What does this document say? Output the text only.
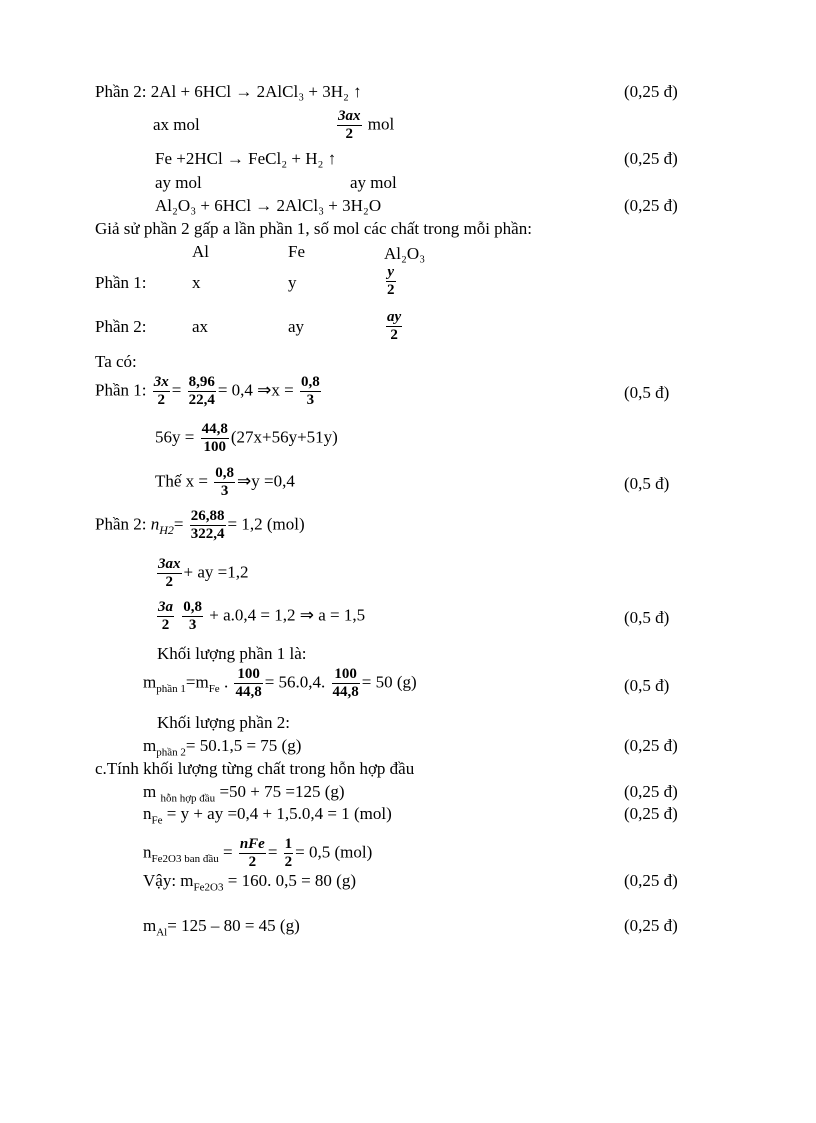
Phần 2: 2Al + 6HCl → 2AlCl₃ + 3H₂ ↑	(0,25 đ)
ax mol	$\frac{3ax}{2}$ mol
Fe +2HCl → FeCl₂ + H₂ ↑	(0,25 đ)
ay mol	ay mol
Al₂O₃ + 6HCl → 2AlCl₃ + 3H₂O	(0,25 đ)
Giả sử phần 2 gấp a lần phần 1, số mol các chất trong mỗi phần:
Al	Fe	Al₂O₃
Phần 1:	x	y	$\frac{y}{2}$
Phần 2:	ax	ay	$\frac{ay}{2}$
Ta có:
Phần 1: $\frac{3x}{2} = \frac{8,96}{22,4} = 0,4$ ⇒x = $\frac{0,8}{3}$	(0,5 đ)
$56y = \frac{44,8}{100} (27x+56y+51y)$
Thế $x = \frac{0,8}{3}$ ⇒y =0,4	(0,5 đ)
Phần 2: $n_{H2}= \frac{26,88}{322,4} = 1,2$ (mol)
$\frac{3ax}{2}$ + ay =1,2
$\frac{3a}{2}$
$\frac{0,8}{3} + a.0,4 = 1,2$ ⇒ a = 1,5	(0,5 đ)
Khối lượng phần 1 là:
$m_{phần 1}=m_{Fe}$ . $\frac{100}{44,8} = 56.0,4$. $\frac{100}{44,8} = 50$ (g)	(0,5 đ)
Khối lượng phần 2:
$m_{phần 2}= 50.1,5 = 75$ (g)	(0,25 đ)
c.Tính khối lượng từng chất trong hỗn hợp đầu
m $_{hỗn hợp đầu}$ =50 + 75 =125 (g)	(0,25 đ)
$n_{Fe} = y$ + ay =0,4 + 1,5.0,4 = 1 (mol)	(0,25 đ)
$n_{Fe2O3 ban đầu}$ = nFe
2
= $\frac{1}{2} = 0,5$ (mol)
Vậy: $m_{Fe2O3} = 160$. 0,5 = 80 (g)	(0,25 đ)
$m_{Al}= 125 - 80 = 45$ (g)	(0,25 đ)
